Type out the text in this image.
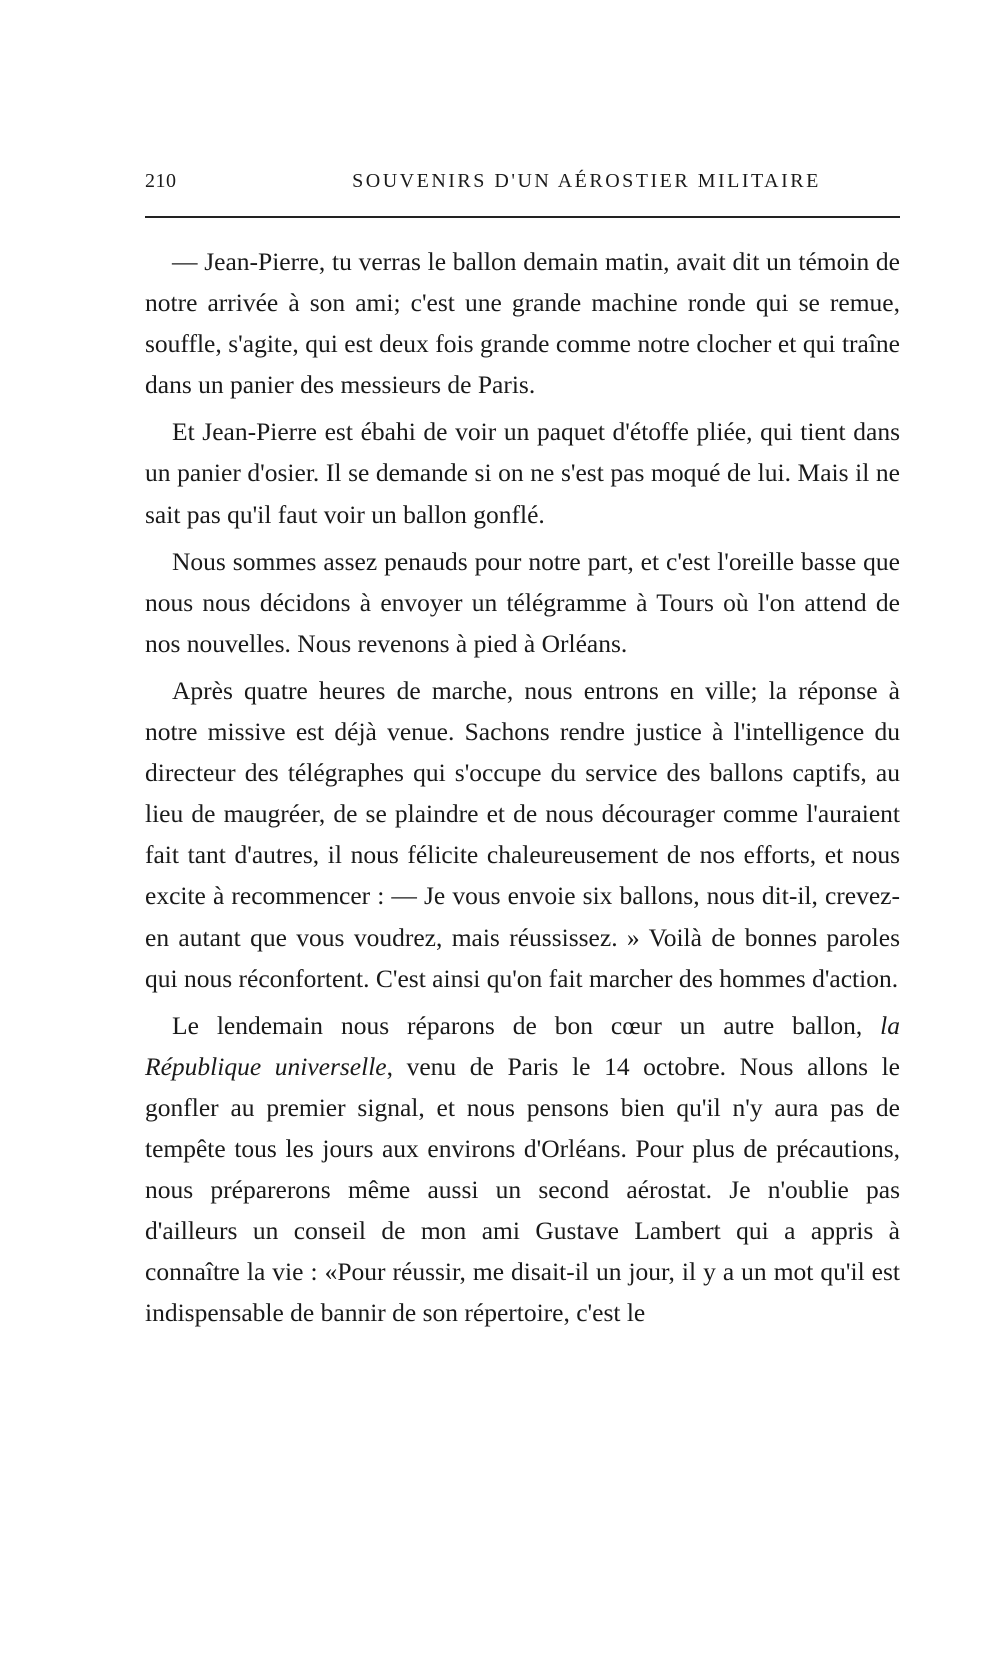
210	SOUVENIRS D'UN AÉROSTIER MILITAIRE

— Jean-Pierre, tu verras le ballon demain matin, avait dit un témoin de notre arrivée à son ami; c'est une grande machine ronde qui se remue, souffle, s'agite, qui est deux fois grande comme notre clocher et qui traîne dans un panier des messieurs de Paris.

Et Jean-Pierre est ébahi de voir un paquet d'étoffe pliée, qui tient dans un panier d'osier. Il se demande si on ne s'est pas moqué de lui. Mais il ne sait pas qu'il faut voir un ballon gonflé.

Nous sommes assez penauds pour notre part, et c'est l'oreille basse que nous nous décidons à envoyer un télégramme à Tours où l'on attend de nos nouvelles. Nous revenons à pied à Orléans.

Après quatre heures de marche, nous entrons en ville; la réponse à notre missive est déjà venue. Sachons rendre justice à l'intelligence du directeur des télégraphes qui s'occupe du service des ballons captifs, au lieu de maugréer, de se plaindre et de nous décourager comme l'auraient fait tant d'autres, il nous félicite chaleureusement de nos efforts, et nous excite à recommencer : — Je vous envoie six ballons, nous dit-il, crevez-en autant que vous voudrez, mais réussissez. » Voilà de bonnes paroles qui nous réconfortent. C'est ainsi qu'on fait marcher des hommes d'action.

Le lendemain nous réparons de bon cœur un autre ballon, la République universelle, venu de Paris le 14 octobre. Nous allons le gonfler au premier signal, et nous pensons bien qu'il n'y aura pas de tempête tous les jours aux environs d'Orléans. Pour plus de précautions, nous préparerons même aussi un second aérostat. Je n'oublie pas d'ailleurs un conseil de mon ami Gustave Lambert qui a appris à connaître la vie : «Pour réussir, me disait-il un jour, il y a un mot qu'il est indispensable de bannir de son répertoire, c'est le
